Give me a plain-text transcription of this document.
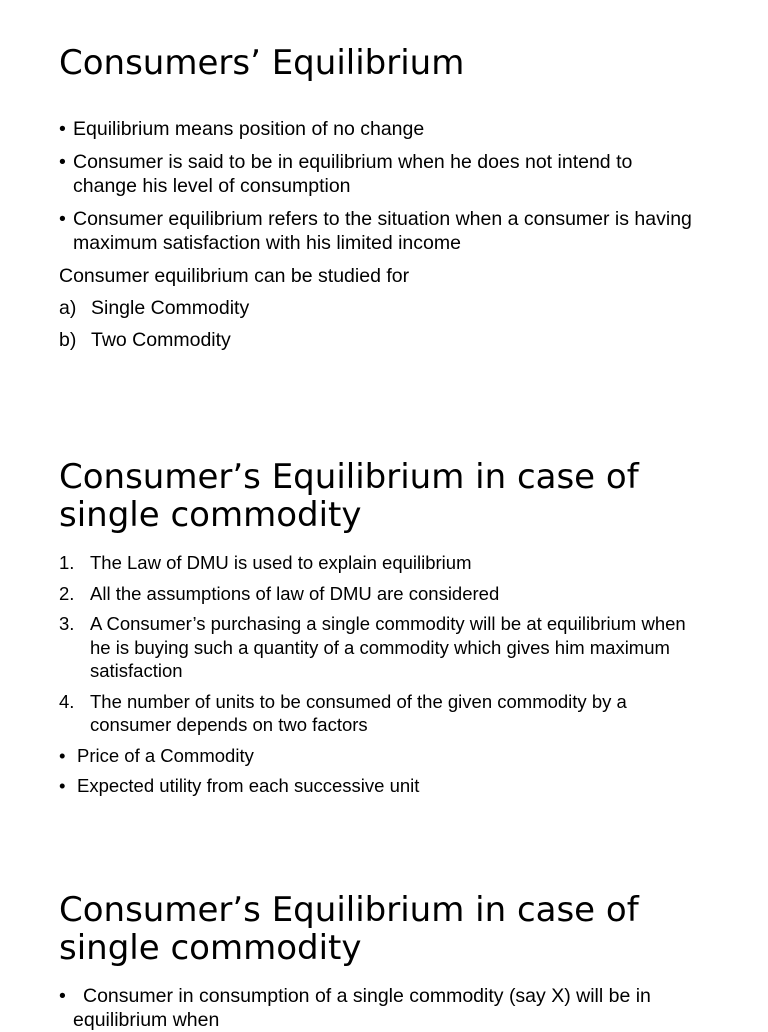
Consumers’ Equilibrium
• Equilibrium means position of no change
• Consumer is said to be in equilibrium when he does not intend to change his level of consumption
• Consumer equilibrium refers to the situation when a consumer is having maximum satisfaction with his limited income
Consumer equilibrium can be studied for
a) Single Commodity
b) Two Commodity
Consumer’s Equilibrium in case of
single commodity
1. The Law of DMU is used to explain equilibrium
2. All the assumptions of law of DMU are considered
3. A Consumer’s purchasing a single commodity will be at equilibrium when he is buying such a quantity of a commodity which gives him maximum satisfaction
4. The number of units to be consumed of the given commodity by a consumer depends on two factors
• Price of a Commodity
• Expected utility from each successive unit
Consumer’s Equilibrium in case of
single commodity
• Consumer in consumption of a single commodity (say X) will be in equilibrium when
